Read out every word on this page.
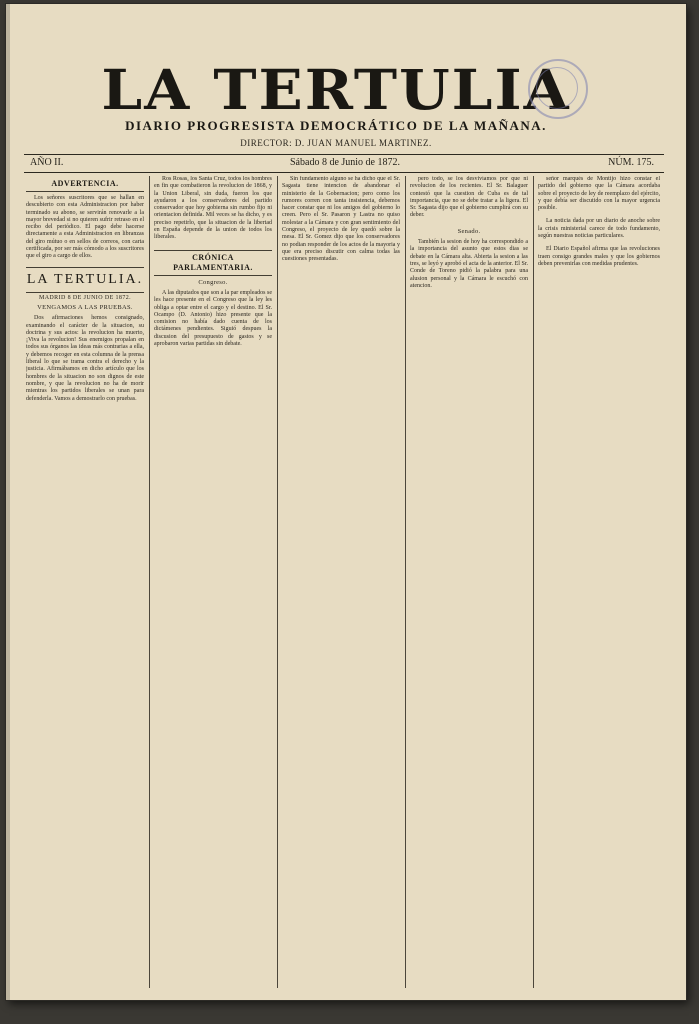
LA TERTULIA
DIARIO PROGRESISTA DEMOCRÁTICO DE LA MAÑANA.
DIRECTOR: D. JUAN MANUEL MARTINEZ.
AÑO II.	Sábado 8 de Junio de 1872.	NÚM. 175.
ADVERTENCIA.

Los señores suscritores que se hallan en descubierto con esta Administracion por haber terminado su abono, se servirán renovarle a la mayor brevedad si no quieren sufrir retraso en el recibo del periódico. El pago debe hacerse directamente a esta Administracion en libranzas del giro mútuo o en sellos de correos, con carta certificada, por ser más cómodo a los suscritores que el giro a cargo de ellos.

LA TERTULIA.
MADRID 8 DE JUNIO DE 1872.
VENGAMOS A LAS PRUEBAS.

Dos afirmaciones hemos consignado, examinando el carácter de la situacion, su doctrina y sus actos: la revolucion ha muerto, ¡Viva la revolucion! Sus enemigos propalan en todos sus órganos las ideas más contrarias a ella, y debemos recoger en esta columna de la prensa liberal lo que se trama contra el derecho y la justicia. Afirmábamos en dicho artículo que los hombres de la situacion no son dignos de este nombre, y que la revolucion no ha de morir mientras los partidos liberales se unan para defenderla. Vamos a demostrarlo con pruebas.

Ros Rosas, los Santa Cruz, todos los hombres en fin que combatieron la revolucion de 1868, y la Union Liberal, sin duda, fueron los que ayudaron a los conservadores del partido conservador que hoy gobierna sin rumbo fijo ni orientacion definida. Mil veces se ha dicho, y es preciso repetirlo, que la situacion de la libertad en España depende de la union de todos los liberales.

CRÓNICA PARLAMENTARIA.
Congreso.

A las diputados que son a la par empleados se les hace presente en el Congreso que la ley les obliga a optar entre el cargo y el destino. El Sr. Ocampo (D. Antonio) hizo presente que la comision no había dado cuenta de los dictámenes pendientes. Siguió despues la discusion del presupuesto de gastos y se aprobaron varias partidas sin debate.

Sin fundamento alguno se ha dicho que el Sr. Sagasta tiene intencion de abandonar el ministerio de la Gobernacion; pero como los rumores corren con tanta insistencia, debemos hacer constar que ni los amigos del gobierno lo creen. Pero el Sr. Pasaron y Lastra no quiso molestar a la Cámara y con gran sentimiento del Congreso, el proyecto de ley quedó sobre la mesa. El Sr. Gomez dijo que los conservadores no podian responder de los actos de la mayoria y que era preciso discutir con calma todas las cuestiones presentadas.

pero todo, se los desvivíamos por que ni revolucion de los recientes. El Sr. Balaguer contestó que la cuestion de Cuba es de tal importancia, que no se debe tratar a la ligera. El Sr. Sagasta dijo que el gobierno cumplirá con su deber.

Senado.

También la sesion de hoy ha correspondido a la importancia del asunto que estos dias se debate en la Cámara alta. Abierta la sesion a las tres, se leyó y aprobó el acta de la anterior. El Sr. Conde de Toreno pidió la palabra para una alusion personal y la Cámara le escuchó con atencion.

señor marqués de Montijo hizo constar el partido del gobierno que la Cámara acordaba sobre el proyecto de ley de reemplazo del ejército, y que debía ser discutido con la mayor urgencia posible.

La noticia dada por un diario de anoche sobre la crisis ministerial carece de todo fundamento, según nuestras noticias particulares.

El Diario Español afirma que las revoluciones traen consigo grandes males y que los gobiernos deben prevenirlas con medidas prudentes.
